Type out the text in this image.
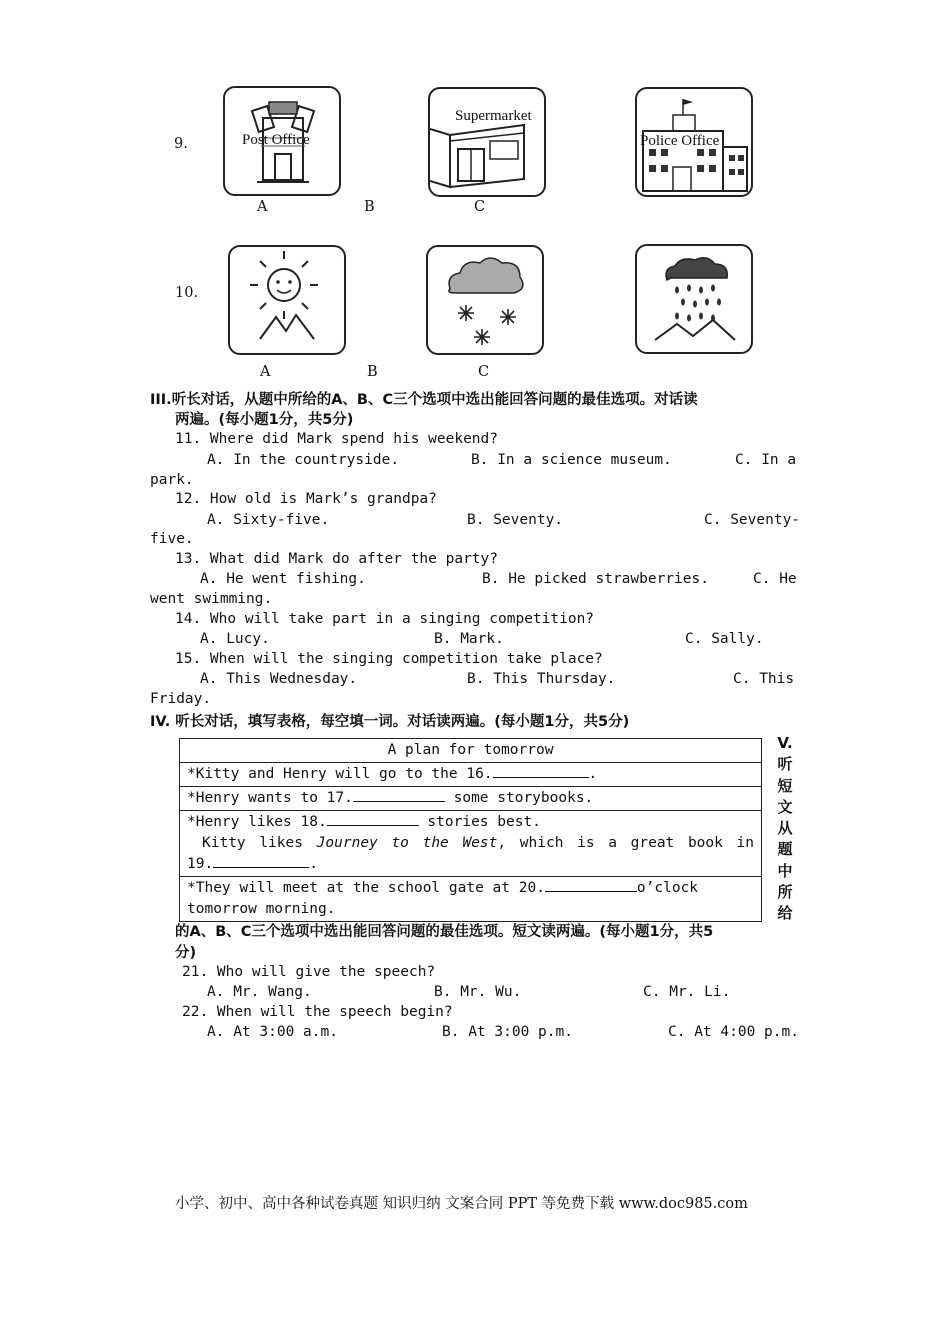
9.	Post Office
Supermarket
Police Office
A	B	C
10.
A	B	C
III.听长对话，从题中所给的A、B、C三个选项中选出能回答问题的最佳选项。对话读
两遍。(每小题1分，共5分)
11. Where did Mark spend his weekend?
A. In the countryside.	B. In a science museum.	C. In a
park.
12. How old is Mark’s grandpa?
A. Sixty-five.	B. Seventy.	C. Seventy-
five.
13. What did Mark do after the party?
A. He went fishing.	B. He picked strawberries.	C. He
went swimming.
14. Who will take part in a singing competition?
A. Lucy.	B. Mark.	C. Sally.
15. When will the singing competition take place?
A. This Wednesday.	B. This Thursday.	C. This
Friday.
IV. 听长对话，填写表格，每空填一词。对话读两遍。(每小题1分，共5分)
A plan for tomorrow
*Kitty and Henry will go to the 16.	.
*Henry wants to 17.	some storybooks.
*Henry likes 18.	stories best.
Kitty likes Journey to the West, which is a great book in
19.	.
*They will meet at the school gate at 20.	o’clock
tomorrow morning.
V.
听
短
文
从
题
中
所
给
的A、B、C三个选项中选出能回答问题的最佳选项。短文读两遍。(每小题1分，共5
分)
21. Who will give the speech?
A. Mr. Wang.	B. Mr. Wu.	C. Mr. Li.
22. When will the speech begin?
A. At 3:00 a.m.	B. At 3:00 p.m.	C. At 4:00 p.m.
小学、初中、高中各种试卷真题 知识归纳 文案合同 PPT 等免费下载 www.doc985.com
